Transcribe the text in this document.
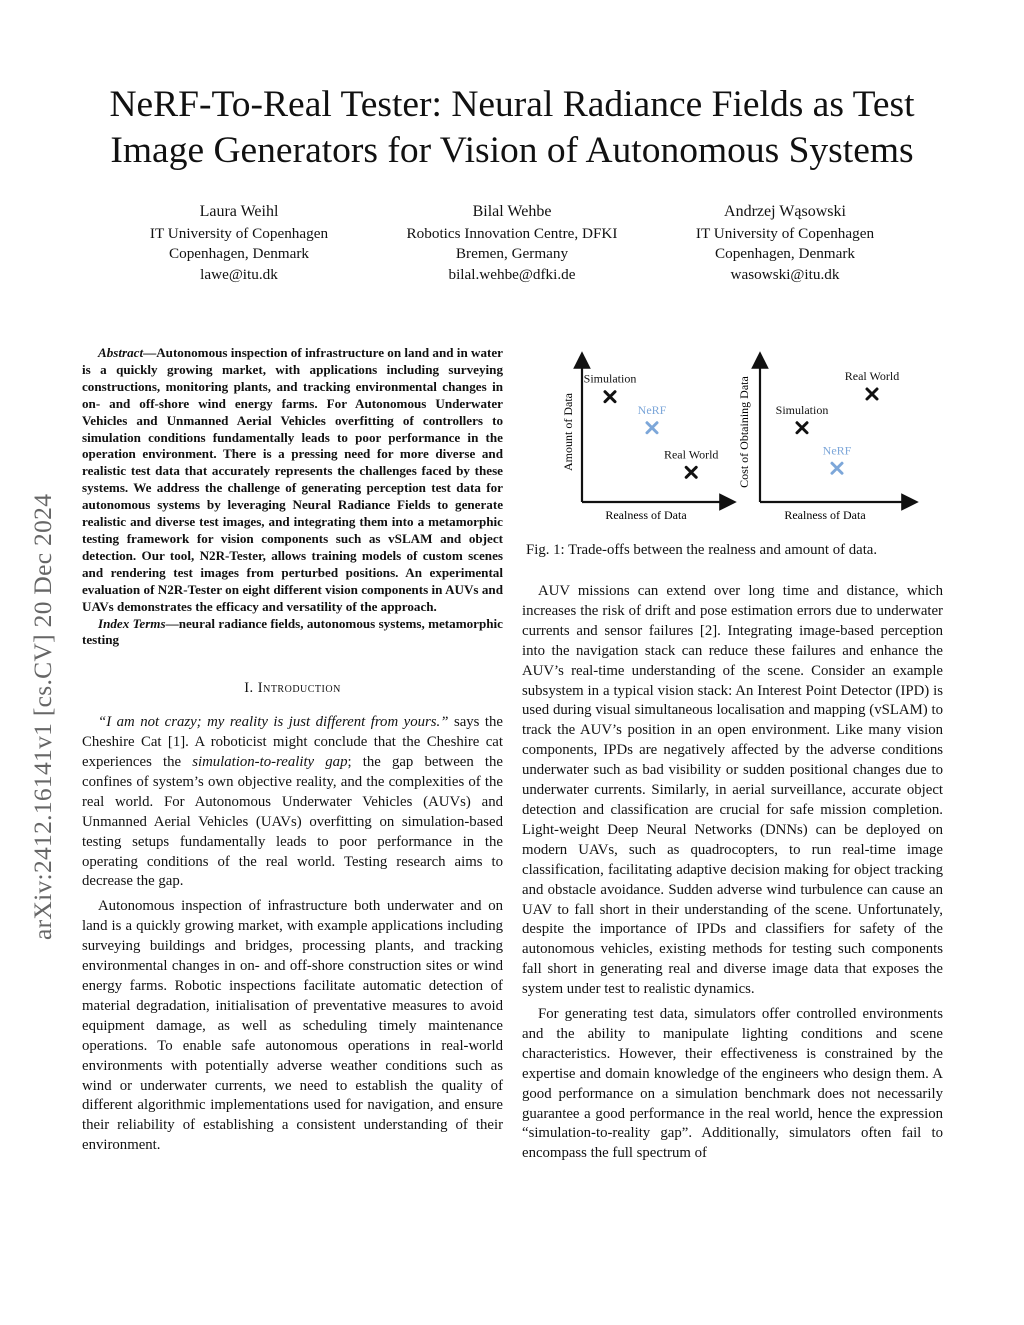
NeRF-To-Real Tester: Neural Radiance Fields as Test
Image Generators for Vision of Autonomous Systems
Laura Weihl
IT University of Copenhagen
Copenhagen, Denmark
lawe@itu.dk
Bilal Wehbe
Robotics Innovation Centre, DFKI
Bremen, Germany
bilal.wehbe@dfki.de
Andrzej Wąsowski
IT University of Copenhagen
Copenhagen, Denmark
wasowski@itu.dk
arXiv:2412.16141v1 [cs.CV] 20 Dec 2024

Abstract—Autonomous inspection of infrastructure on land and in water is a quickly growing market, with applications including surveying constructions, monitoring plants, and tracking environmental changes in on- and off-shore wind energy farms. For Autonomous Underwater Vehicles and Unmanned Aerial Vehicles overfitting of controllers to simulation conditions fundamentally leads to poor performance in the operation environment. There is a pressing need for more diverse and realistic test data that accurately represents the challenges faced by these systems. We address the challenge of generating perception test data for autonomous systems by leveraging Neural Radiance Fields to generate realistic and diverse test images, and integrating them into a metamorphic testing framework for vision components such as vSLAM and object detection. Our tool, N2R-Tester, allows training models of custom scenes and rendering test images from perturbed positions. An experimental evaluation of N2R-Tester on eight different vision components in AUVs and UAVs demonstrates the efficacy and versatility of the approach.

Index Terms—neural radiance fields, autonomous systems, metamorphic testing

I. Introduction

“I am not crazy; my reality is just different from yours.” says the Cheshire Cat [1]. A roboticist might conclude that the Cheshire cat experiences the simulation-to-reality gap; the gap between the confines of system’s own objective reality, and the complexities of the real world. For Autonomous Underwater Vehicles (AUVs) and Unmanned Aerial Vehicles (UAVs) overfitting on simulation-based testing setups fundamentally leads to poor performance in the operating conditions of the real world. Testing research aims to decrease the gap.

Autonomous inspection of infrastructure both underwater and on land is a quickly growing market, with example applications including surveying buildings and bridges, processing plants, and tracking environmental changes in on- and off-shore construction sites or wind energy farms. Robotic inspections facilitate automatic detection of material degradation, initialisation of preventative measures to avoid equipment damage, as well as scheduling timely maintenance operations. To enable safe autonomous operations in real-world environments with potentially adverse weather conditions such as wind or underwater currents, we need to establish the quality of different algorithmic implementations used for navigation, and ensure their reliability of establishing a consistent understanding of their environment.

Realness of Data
Amount of Data
Simulation
NeRF
Real World
Realness of Data
Cost of Obtaining Data
Real World
Simulation
NeRF
Fig. 1: Trade-offs between the realness and amount of data.

AUV missions can extend over long time and distance, which increases the risk of drift and pose estimation errors due to underwater currents and sensor failures [2]. Integrating image-based perception into the navigation stack can reduce these failures and enhance the AUV’s real-time understanding of the scene. Consider an example subsystem in a typical vision stack: An Interest Point Detector (IPD) is used during visual simultaneous localisation and mapping (vSLAM) to track the AUV’s position in an open environment. Like many vision components, IPDs are negatively affected by the adverse conditions underwater such as bad visibility or sudden positional changes due to underwater currents. Similarly, in aerial surveillance, accurate object detection and classification are crucial for safe mission completion. Light-weight Deep Neural Networks (DNNs) can be deployed on modern UAVs, such as quadrocopters, to run real-time image classification, facilitating adaptive decision making for object tracking and obstacle avoidance. Sudden adverse wind turbulence can cause an UAV to fall short in their understanding of the scene. Unfortunately, despite the importance of IPDs and classifiers for safety of the autonomous vehicles, existing methods for testing such components fall short in generating real and diverse image data that exposes the system under test to realistic dynamics.

For generating test data, simulators offer controlled environments and the ability to manipulate lighting conditions and scene characteristics. However, their effectiveness is constrained by the expertise and domain knowledge of the engineers who design them. A good performance on a simulation benchmark does not necessarily guarantee a good performance in the real world, hence the expression “simulation-to-reality gap”. Additionally, simulators often fail to encompass the full spectrum of
